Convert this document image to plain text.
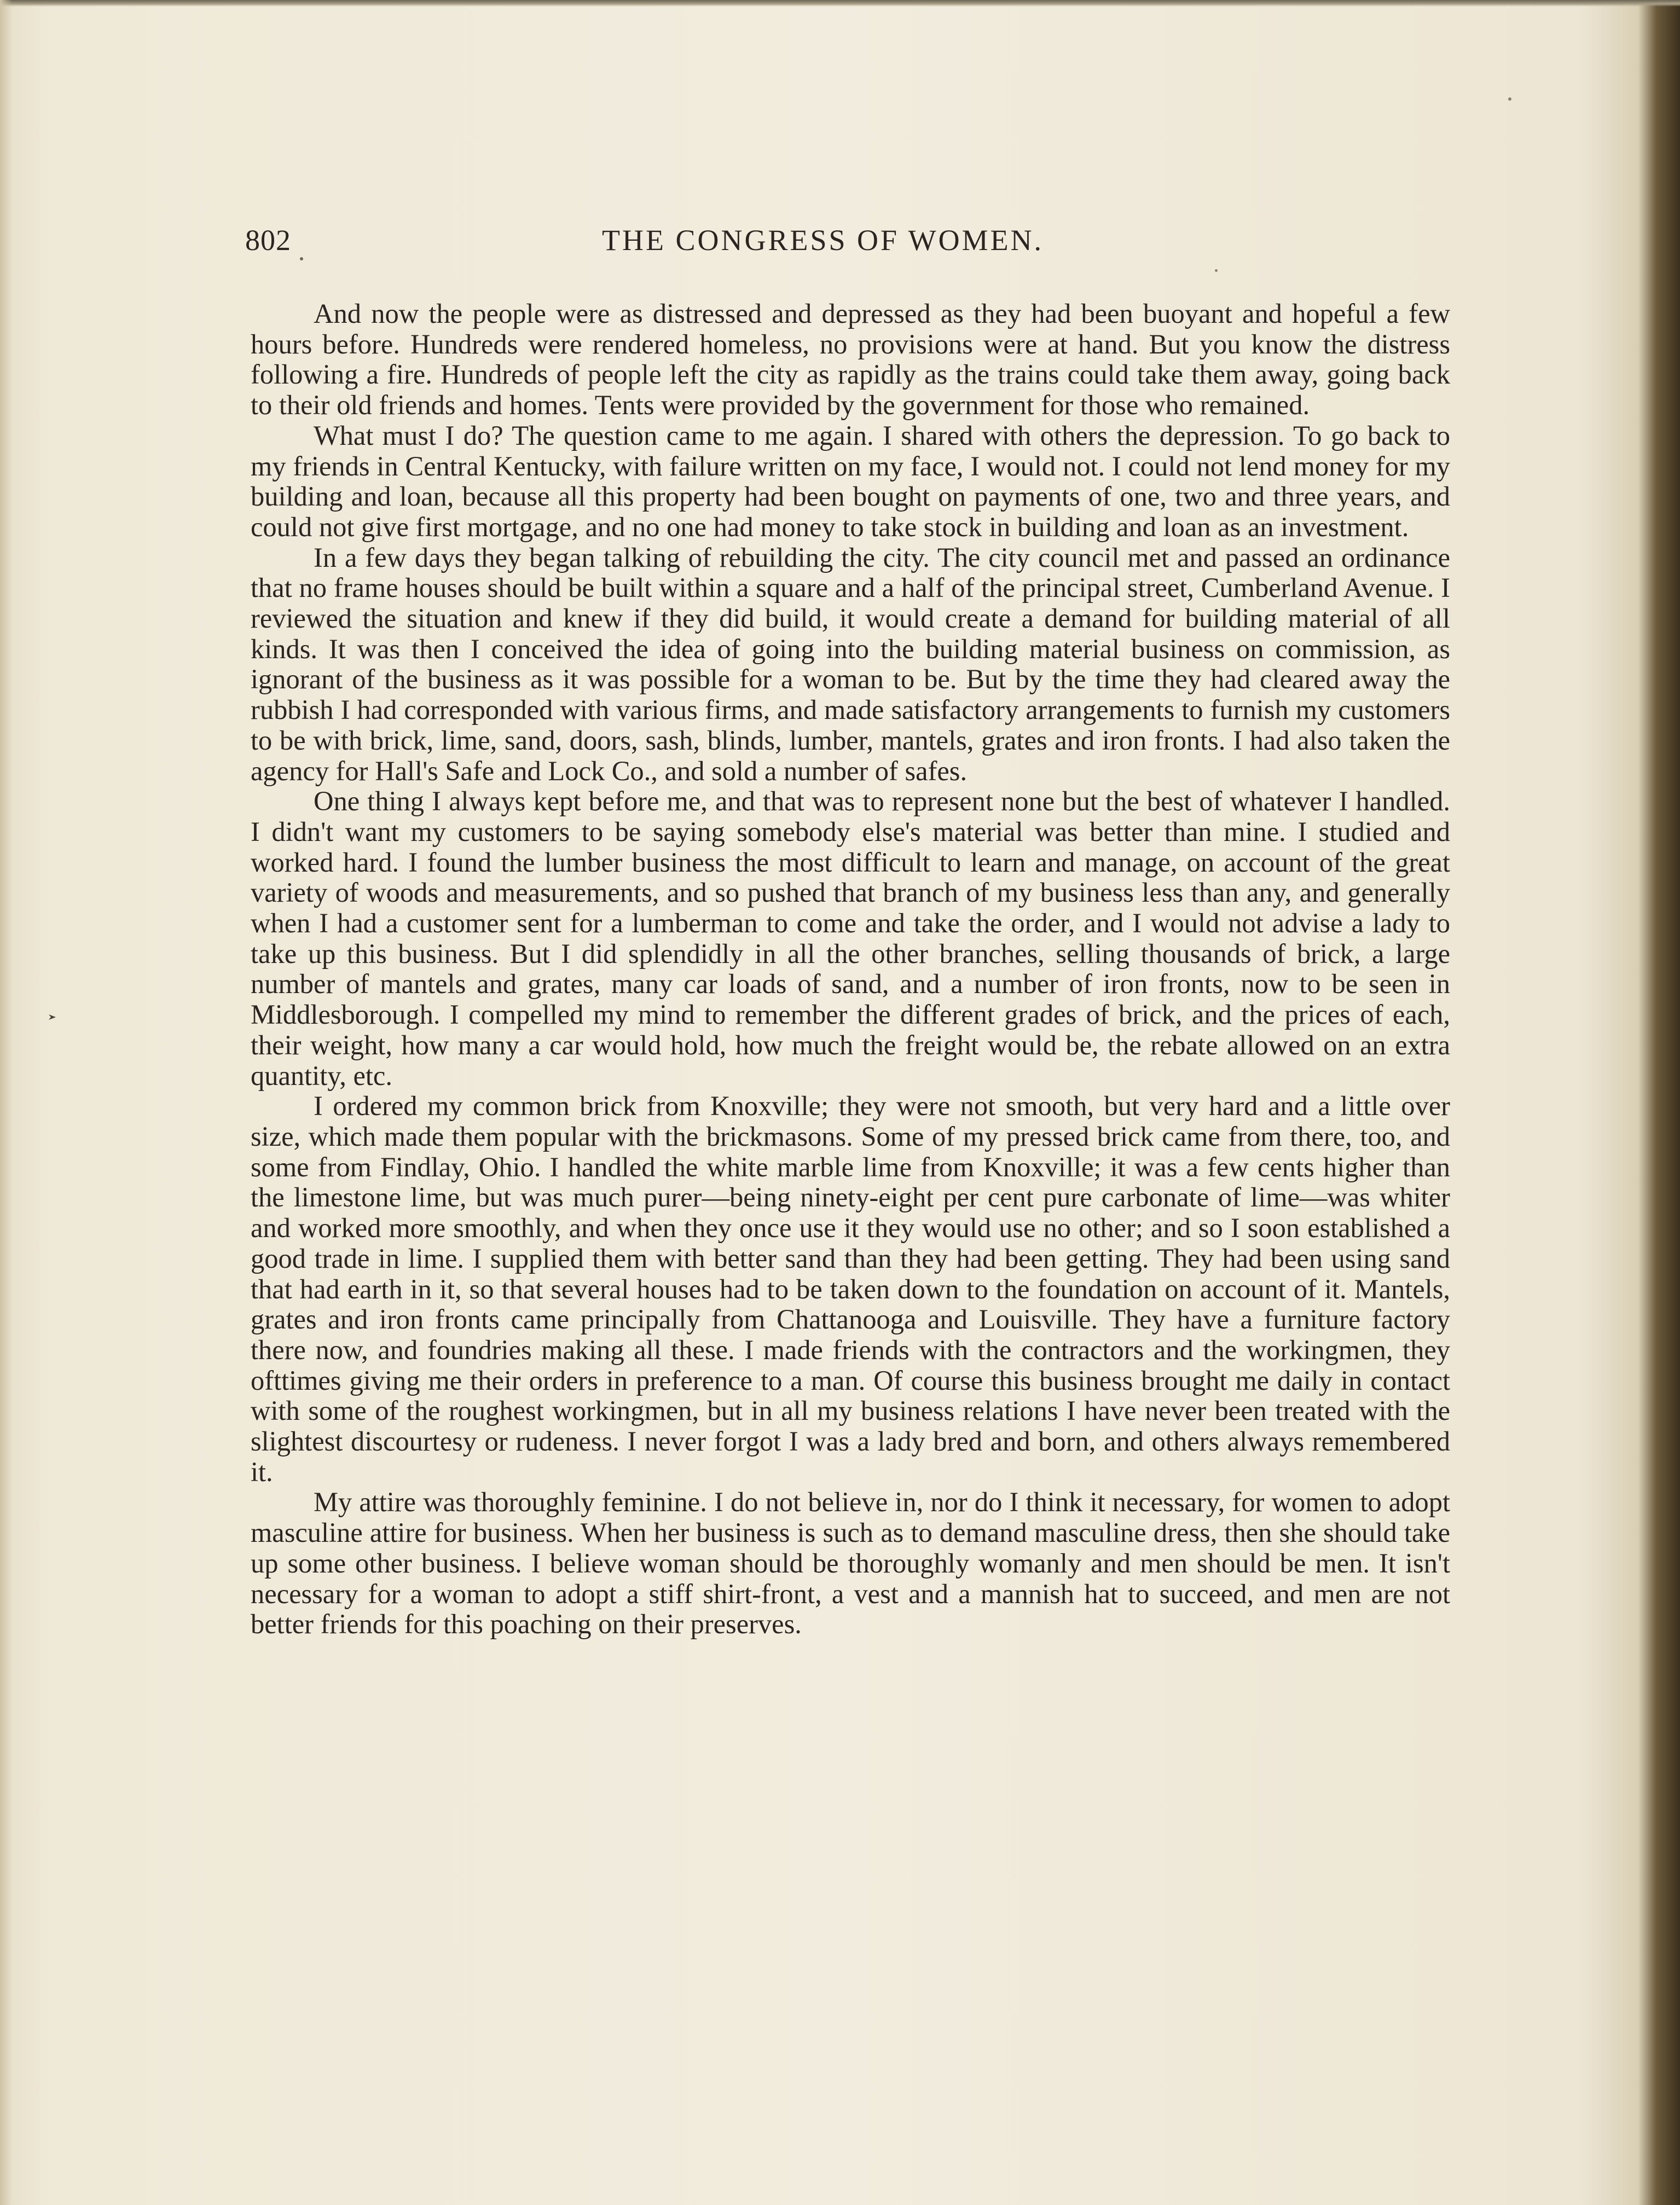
802	THE CONGRESS OF WOMEN.

And now the people were as distressed and depressed as they had been buoyant and hopeful a few hours before. Hundreds were rendered homeless, no provisions were at hand. But you know the distress following a fire. Hundreds of people left the city as rapidly as the trains could take them away, going back to their old friends and homes. Tents were provided by the government for those who remained.

What must I do? The question came to me again. I shared with others the depression. To go back to my friends in Central Kentucky, with failure written on my face, I would not. I could not lend money for my building and loan, because all this property had been bought on payments of one, two and three years, and could not give first mortgage, and no one had money to take stock in building and loan as an investment.

In a few days they began talking of rebuilding the city. The city council met and passed an ordinance that no frame houses should be built within a square and a half of the principal street, Cumberland Avenue. I reviewed the situation and knew if they did build, it would create a demand for building material of all kinds. It was then I conceived the idea of going into the building material business on commission, as ignorant of the business as it was possible for a woman to be. But by the time they had cleared away the rubbish I had corresponded with various firms, and made satisfactory arrangements to furnish my customers to be with brick, lime, sand, doors, sash, blinds, lumber, mantels, grates and iron fronts. I had also taken the agency for Hall's Safe and Lock Co., and sold a number of safes.

One thing I always kept before me, and that was to represent none but the best of whatever I handled. I didn't want my customers to be saying somebody else's material was better than mine. I studied and worked hard. I found the lumber business the most difficult to learn and manage, on account of the great variety of woods and measurements, and so pushed that branch of my business less than any, and generally when I had a customer sent for a lumberman to come and take the order, and I would not advise a lady to take up this business. But I did splendidly in all the other branches, selling thousands of brick, a large number of mantels and grates, many car loads of sand, and a number of iron fronts, now to be seen in Middlesborough. I compelled my mind to remember the different grades of brick, and the prices of each, their weight, how many a car would hold, how much the freight would be, the rebate allowed on an extra quantity, etc.

I ordered my common brick from Knoxville; they were not smooth, but very hard and a little over size, which made them popular with the brickmasons. Some of my pressed brick came from there, too, and some from Findlay, Ohio. I handled the white marble lime from Knoxville; it was a few cents higher than the limestone lime, but was much purer—being ninety-eight per cent pure carbonate of lime—was whiter and worked more smoothly, and when they once use it they would use no other; and so I soon established a good trade in lime. I supplied them with better sand than they had been getting. They had been using sand that had earth in it, so that several houses had to be taken down to the foundation on account of it. Mantels, grates and iron fronts came principally from Chattanooga and Louisville. They have a furniture factory there now, and foundries making all these. I made friends with the contractors and the workingmen, they ofttimes giving me their orders in preference to a man. Of course this business brought me daily in contact with some of the roughest workingmen, but in all my business relations I have never been treated with the slightest discourtesy or rudeness. I never forgot I was a lady bred and born, and others always remembered it.

My attire was thoroughly feminine. I do not believe in, nor do I think it necessary, for women to adopt masculine attire for business. When her business is such as to demand masculine dress, then she should take up some other business. I believe woman should be thoroughly womanly and men should be men. It isn't necessary for a woman to adopt a stiff shirt-front, a vest and a mannish hat to succeed, and men are not better friends for this poaching on their preserves.
